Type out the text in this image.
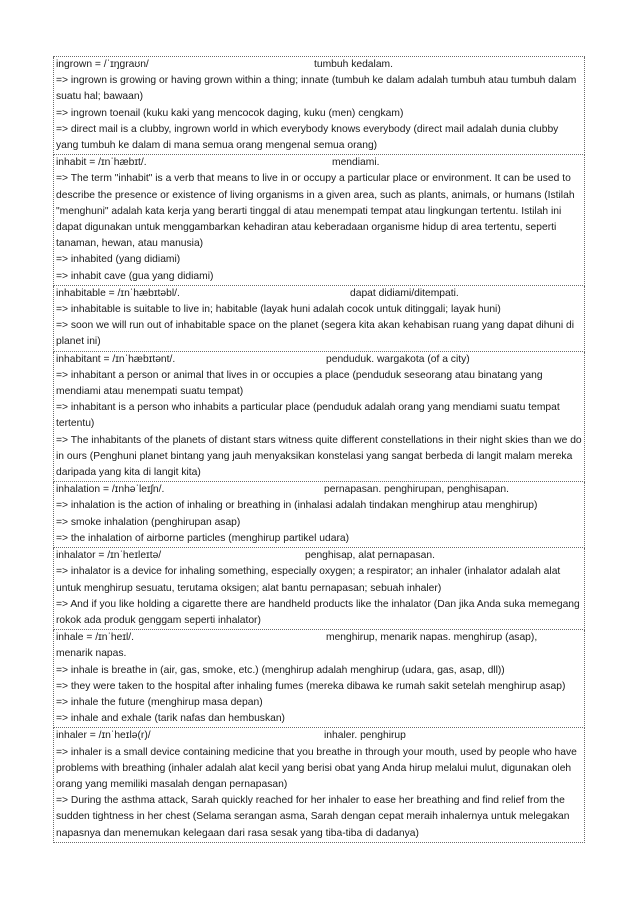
ingrown = /ˈɪŋgraʊn/	tumbuh kedalam.
=> ingrown is growing or having grown within a thing; innate (tumbuh ke dalam adalah tumbuh atau tumbuh dalam suatu hal; bawaan)
=> ingrown toenail (kuku kaki yang mencocok daging, kuku (men) cengkam)
=> direct mail is a clubby, ingrown world in which everybody knows everybody (direct mail adalah dunia clubby yang tumbuh ke dalam di mana semua orang mengenal semua orang)
inhabit = /ɪnˈhæbɪt/.	mendiami.
=> The term "inhabit" is a verb that means to live in or occupy a particular place or environment. It can be used to describe the presence or existence of living organisms in a given area, such as plants, animals, or humans (Istilah "menghuni" adalah kata kerja yang berarti tinggal di atau menempati tempat atau lingkungan tertentu. Istilah ini dapat digunakan untuk menggambarkan kehadiran atau keberadaan organisme hidup di area tertentu, seperti tanaman, hewan, atau manusia)
=> inhabited (yang didiami)
=> inhabit cave (gua yang didiami)
inhabitable = /ɪnˈhæbɪtəbl/.	dapat didiami/ditempati.
=> inhabitable is suitable to live in; habitable (layak huni adalah cocok untuk ditinggali; layak huni)
=> soon we will run out of inhabitable space on the planet (segera kita akan kehabisan ruang yang dapat dihuni di planet ini)
inhabitant = /ɪnˈhæbɪtənt/.	penduduk. wargakota (of a city)
=> inhabitant a person or animal that lives in or occupies a place (penduduk seseorang atau binatang yang mendiami atau menempati suatu tempat)
=> inhabitant is a person who inhabits a particular place (penduduk adalah orang yang mendiami suatu tempat tertentu)
=> The inhabitants of the planets of distant stars witness quite different constellations in their night skies than we do in ours (Penghuni planet bintang yang jauh menyaksikan konstelasi yang sangat berbeda di langit malam mereka daripada yang kita di langit kita)
inhalation = /ɪnhəˈleɪʃn/.	pernapasan. penghirupan, penghisapan.
=> inhalation is the action of inhaling or breathing in (inhalasi adalah tindakan menghirup atau menghirup)
=> smoke inhalation (penghirupan asap)
=> the inhalation of airborne particles (menghirup partikel udara)
inhalator = /ɪnˈheɪleɪtə/	penghisap, alat pernapasan.
=> inhalator is a device for inhaling something, especially oxygen; a respirator; an inhaler (inhalator adalah alat untuk menghirup sesuatu, terutama oksigen; alat bantu pernapasan; sebuah inhaler)
=> And if you like holding a cigarette there are handheld products like the inhalator (Dan jika Anda suka memegang rokok ada produk genggam seperti inhalator)
inhale = /ɪnˈheɪl/.	menghirup, menarik napas. menghirup (asap),
menarik napas.
=> inhale is breathe in (air, gas, smoke, etc.) (menghirup adalah menghirup (udara, gas, asap, dll))
=> they were taken to the hospital after inhaling fumes (mereka dibawa ke rumah sakit setelah menghirup asap)
=> inhale the future (menghirup masa depan)
=> inhale and exhale (tarik nafas dan hembuskan)
inhaler = /ɪnˈheɪlə(r)/	inhaler. penghirup
=> inhaler is a small device containing medicine that you breathe in through your mouth, used by people who have problems with breathing (inhaler adalah alat kecil yang berisi obat yang Anda hirup melalui mulut, digunakan oleh orang yang memiliki masalah dengan pernapasan)
=> During the asthma attack, Sarah quickly reached for her inhaler to ease her breathing and find relief from the sudden tightness in her chest (Selama serangan asma, Sarah dengan cepat meraih inhalernya untuk melegakan napasnya dan menemukan kelegaan dari rasa sesak yang tiba-tiba di dadanya)
